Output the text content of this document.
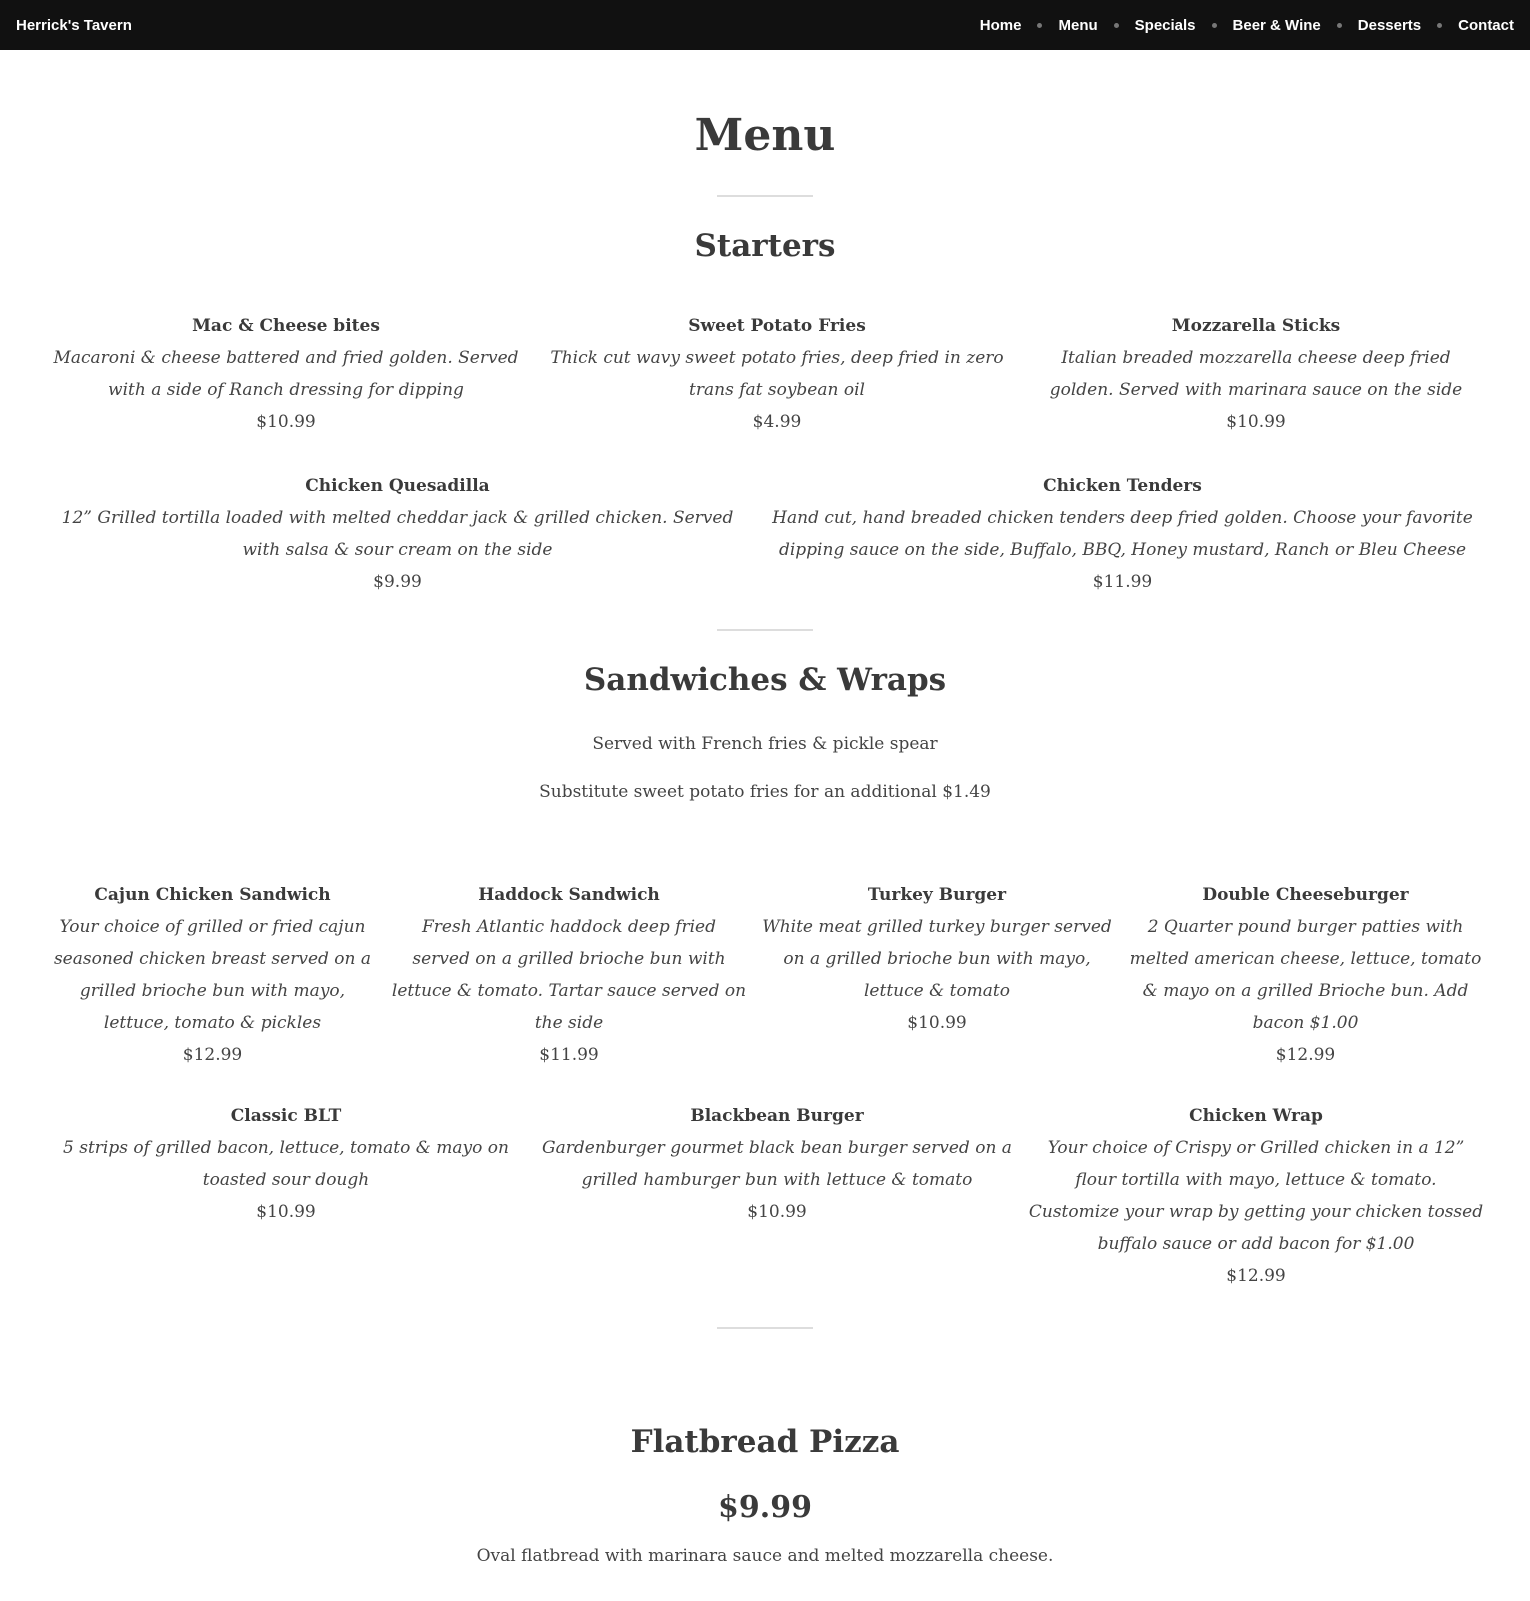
Herrick's Tavern	Home Menu Specials Beer & Wine Desserts Contact
Menu
Starters
Mac & Cheese bites
Macaroni & cheese battered and fried golden. Served with a side of Ranch dressing for dipping
$10.99
Sweet Potato Fries
Thick cut wavy sweet potato fries, deep fried in zero trans fat soybean oil
$4.99
Mozzarella Sticks
Italian breaded mozzarella cheese deep fried golden. Served with marinara sauce on the side
$10.99
Chicken Quesadilla
12” Grilled tortilla loaded with melted cheddar jack & grilled chicken. Served with salsa & sour cream on the side
$9.99
Chicken Tenders
Hand cut, hand breaded chicken tenders deep fried golden. Choose your favorite dipping sauce on the side, Buffalo, BBQ, Honey mustard, Ranch or Bleu Cheese
$11.99
Sandwiches & Wraps

Served with French fries & pickle spear

Substitute sweet potato fries for an additional $1.49

Cajun Chicken Sandwich
Your choice of grilled or fried cajun seasoned chicken breast served on a grilled brioche bun with mayo, lettuce, tomato & pickles
$12.99
Haddock Sandwich
Fresh Atlantic haddock deep fried served on a grilled brioche bun with lettuce & tomato. Tartar sauce served on the side
$11.99
Turkey Burger
White meat grilled turkey burger served on a grilled brioche bun with mayo, lettuce & tomato
$10.99
Double Cheeseburger
2 Quarter pound burger patties with melted american cheese, lettuce, tomato & mayo on a grilled Brioche bun. Add bacon $1.00
$12.99
Classic BLT
5 strips of grilled bacon, lettuce, tomato & mayo on toasted sour dough
$10.99
Blackbean Burger
Gardenburger gourmet black bean burger served on a grilled hamburger bun with lettuce & tomato
$10.99
Chicken Wrap
Your choice of Crispy or Grilled chicken in a 12” flour tortilla with mayo, lettuce & tomato. Customize your wrap by getting your chicken tossed buffalo sauce or add bacon for $1.00
$12.99
Flatbread Pizza
$9.99

Oval flatbread with marinara sauce and melted mozzarella cheese.
